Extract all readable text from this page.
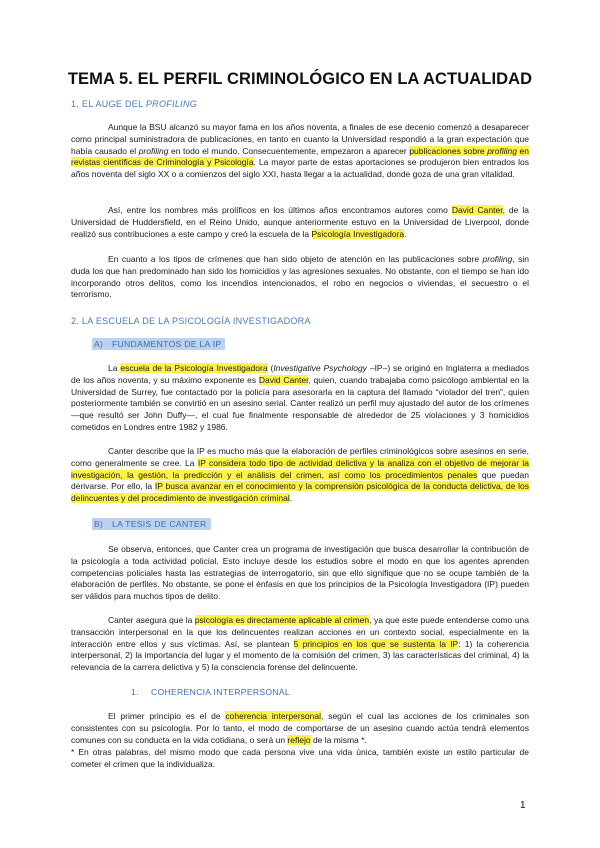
TEMA 5. EL PERFIL CRIMINOLÓGICO EN LA ACTUALIDAD

1. EL AUGE DEL PROFILING

Aunque la BSU alcanzó su mayor fama en los años noventa, a finales de ese decenio comenzó a desaparecer como principal suministradora de publicaciones, en tanto en cuanto la Universidad respondió a la gran expectación que había causado el profiling en todo el mundo. Consecuentemente, empezaron a aparecer publicaciones sobre profiling en revistas científicas de Criminología y Psicología. La mayor parte de estas aportaciones se produjeron bien entrados los años noventa del siglo XX o a comienzos del siglo XXI, hasta llegar a la actualidad, donde goza de una gran vitalidad.

Así, entre los nombres más prolíficos en los últimos años encontramos autores como David Canter, de la Universidad de Huddersfield, en el Reino Unido, aunque anteriormente estuvo en la Universidad de Liverpool, donde realizó sus contribuciones a este campo y creó la escuela de la Psicología Investigadora.

En cuanto a los tipos de crímenes que han sido objeto de atención en las publicaciones sobre profiling, sin duda los que han predominado han sido los homicidios y las agresiones sexuales. No obstante, con el tiempo se han ido incorporando otros delitos, como los incendios intencionados, el robo en negocios o viviendas, el secuestro o el terrorismo.

2. LA ESCUELA DE LA PSICOLOGÍA INVESTIGADORA

A) FUNDAMENTOS DE LA IP

La escuela de la Psicología Investigadora (Investigative Psychology –IP–) se originó en Inglaterra a mediados de los años noventa, y su máximo exponente es David Canter, quien, cuando trabajaba como psicólogo ambiental en la Universidad de Surrey, fue contactado por la policía para asesorarla en la captura del llamado “violador del tren”, quien posteriormente también se convirtió en un asesino serial. Canter realizó un perfil muy ajustado del autor de los crímenes —que resultó ser John Duffy—, el cual fue finalmente responsable de alrededor de 25 violaciones y 3 homicidios cometidos en Londres entre 1982 y 1986.

Canter describe que la IP es mucho más que la elaboración de perfiles criminológicos sobre asesinos en serie, como generalmente se cree. La IP considera todo tipo de actividad delictiva y la analiza con el objetivo de mejorar la investigación, la gestión, la predicción y el análisis del crimen, así como los procedimientos penales que puedan derivarse. Por ello, la IP busca avanzar en el conocimiento y la comprensión psicológica de la conducta delictiva, de los delincuentes y del procedimiento de investigación criminal.

B) LA TESIS DE CANTER

Se observa, entonces, que Canter crea un programa de investigación que busca desarrollar la contribución de la psicología a toda actividad policial. Esto incluye desde los estudios sobre el modo en que los agentes aprenden competencias policiales hasta las estrategias de interrogatorio, sin que ello signifique que no se ocupe también de la elaboración de perfiles. No obstante, se pone el énfasis en que los principios de la Psicología Investigadora (IP) pueden ser válidos para muchos tipos de delito.

Canter asegura que la psicología es directamente aplicable al crimen, ya que este puede entenderse como una transacción interpersonal en la que los delincuentes realizan acciones en un contexto social, especialmente en la interacción entre ellos y sus víctimas. Así, se plantean 5 principios en los que se sustenta la IP: 1) la coherencia interpersonal, 2) la importancia del lugar y el momento de la comisión del crimen, 3) las características del criminal, 4) la relevancia de la carrera delictiva y 5) la consciencia forense del delincuente.

1. COHERENCIA INTERPERSONAL

El primer principio es el de coherencia interpersonal, según el cual las acciones de los criminales son consistentes con su psicología. Por lo tanto, el modo de comportarse de un asesino cuando actúa tendrá elementos comunes con su conducta en la vida cotidiana, o será un reflejo de la misma *.

* En otras palabras, del mismo modo que cada persona vive una vida única, también existe un estilo particular de cometer el crimen que la individualiza.

1
